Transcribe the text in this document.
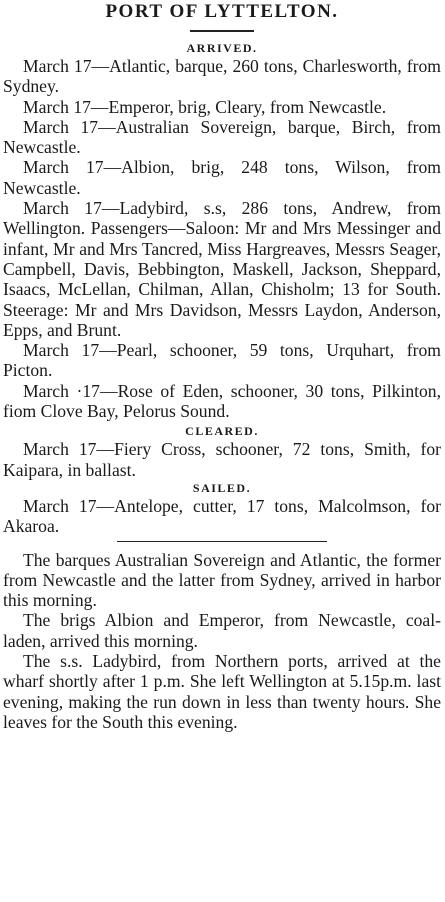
PORT OF LYTTELTON.
ARRIVED.

March 17—Atlantic, barque, 260 tons, Charlesworth, from Sydney.

March 17—Emperor, brig, Cleary, from Newcastle.

March 17—Australian Sovereign, barque, Birch, from Newcastle.

March 17—Albion, brig, 248 tons, Wilson, from Newcastle.

March 17—Ladybird, s.s, 286 tons, Andrew, from Wellington. Passengers—Saloon: Mr and Mrs Messinger and infant, Mr and Mrs Tancred, Miss Hargreaves, Messrs Seager, Campbell, Davis, Bebbington, Maskell, Jackson, Sheppard, Isaacs, McLellan, Chilman, Allan, Chisholm; 13 for South. Steerage: Mr and Mrs Davidson, Messrs Laydon, Anderson, Epps, and Brunt.

March 17—Pearl, schooner, 59 tons, Urquhart, from Picton.

March ·17—Rose of Eden, schooner, 30 tons, Pilkinton, fiom Clove Bay, Pelorus Sound.

CLEARED.

March 17—Fiery Cross, schooner, 72 tons, Smith, for Kaipara, in ballast.

SAILED.

March 17—Antelope, cutter, 17 tons, Malcolmson, for Akaroa.

The barques Australian Sovereign and Atlantic, the former from Newcastle and the latter from Sydney, arrived in harbor this morning.

The brigs Albion and Emperor, from Newcastle, coal-laden, arrived this morning.

The s.s. Ladybird, from Northern ports, arrived at the wharf shortly after 1 p.m. She left Wellington at 5.15p.m. last evening, making the run down in less than twenty hours. She leaves for the South this evening.
